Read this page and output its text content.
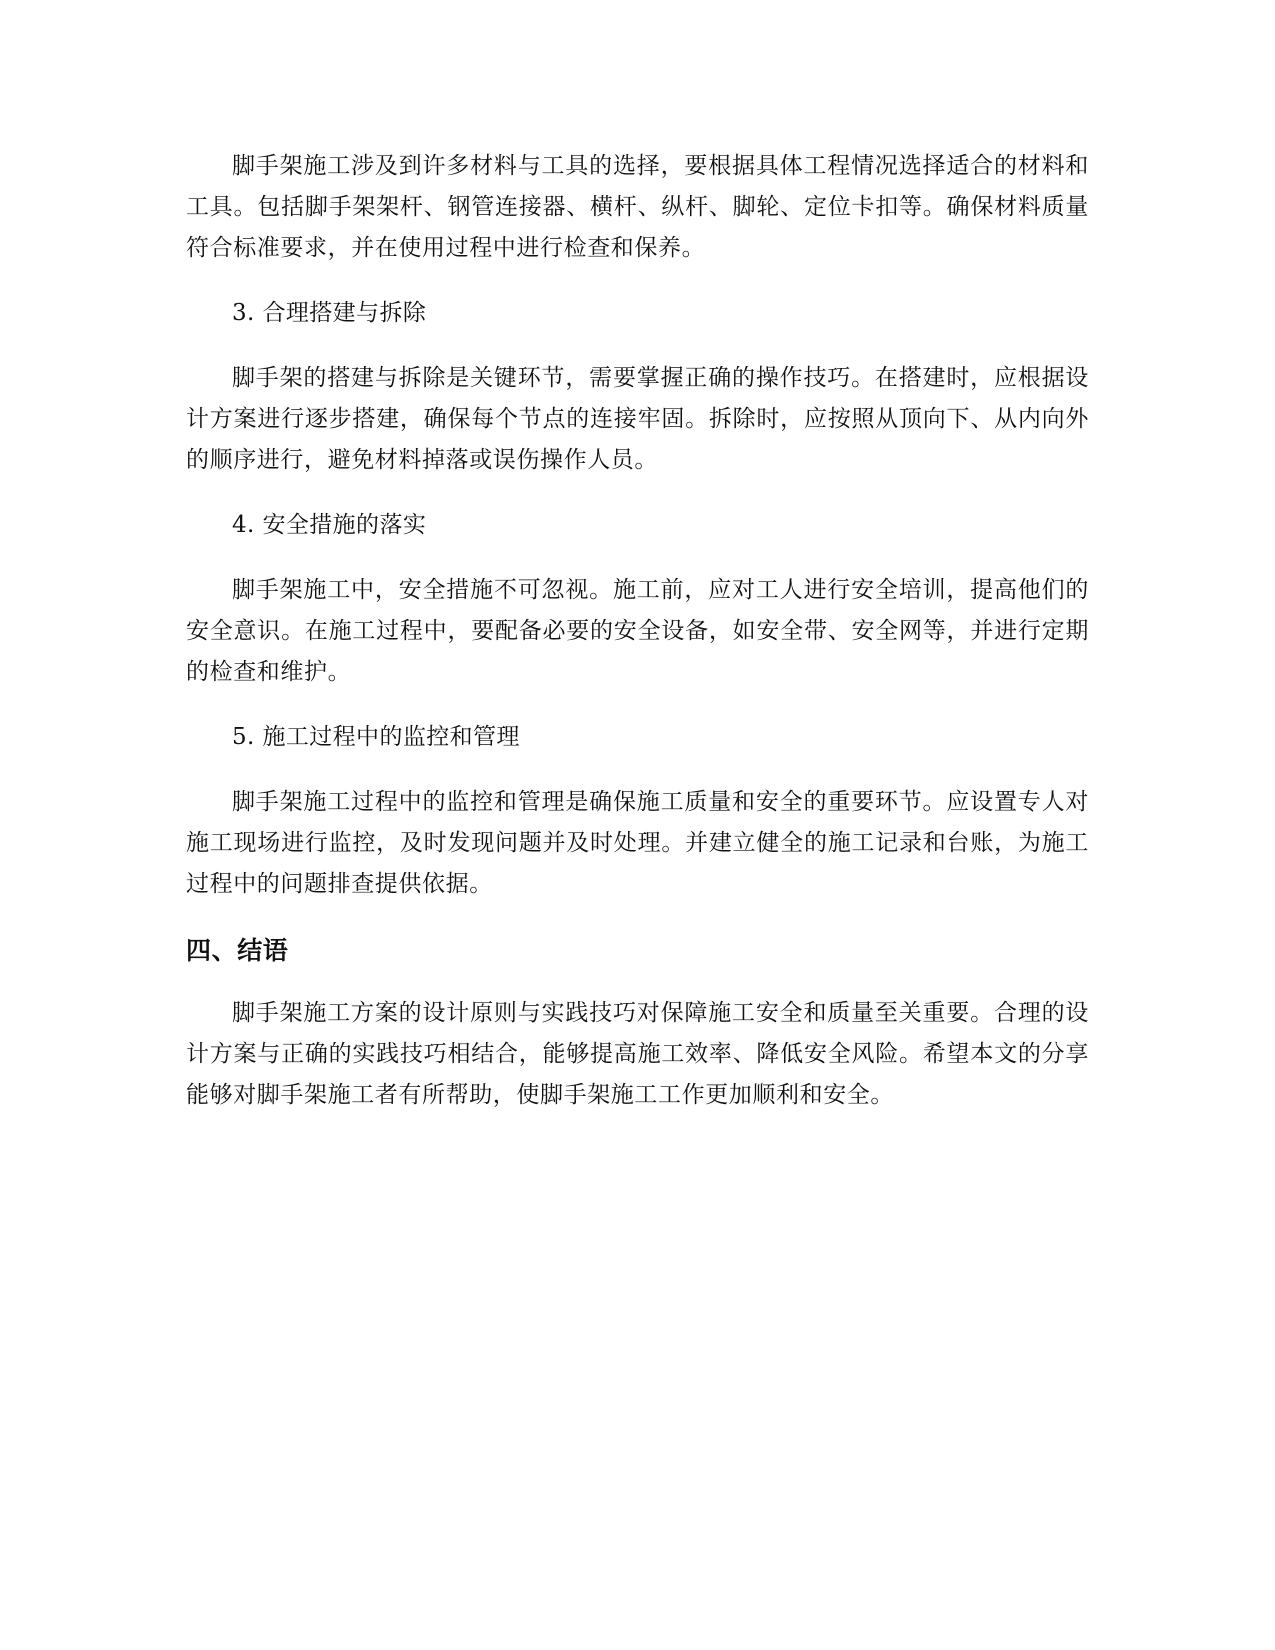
脚手架施工涉及到许多材料与工具的选择，要根据具体工程情况选择适合的材料和工具。包括脚手架架杆、钢管连接器、横杆、纵杆、脚轮、定位卡扣等。确保材料质量符合标准要求，并在使用过程中进行检查和保养。

3. 合理搭建与拆除

脚手架的搭建与拆除是关键环节，需要掌握正确的操作技巧。在搭建时，应根据设计方案进行逐步搭建，确保每个节点的连接牢固。拆除时，应按照从顶向下、从内向外的顺序进行，避免材料掉落或误伤操作人员。

4. 安全措施的落实

脚手架施工中，安全措施不可忽视。施工前，应对工人进行安全培训，提高他们的安全意识。在施工过程中，要配备必要的安全设备，如安全带、安全网等，并进行定期的检查和维护。

5. 施工过程中的监控和管理

脚手架施工过程中的监控和管理是确保施工质量和安全的重要环节。应设置专人对施工现场进行监控，及时发现问题并及时处理。并建立健全的施工记录和台账，为施工过程中的问题排查提供依据。

四、结语

脚手架施工方案的设计原则与实践技巧对保障施工安全和质量至关重要。合理的设计方案与正确的实践技巧相结合，能够提高施工效率、降低安全风险。希望本文的分享能够对脚手架施工者有所帮助，使脚手架施工工作更加顺利和安全。
